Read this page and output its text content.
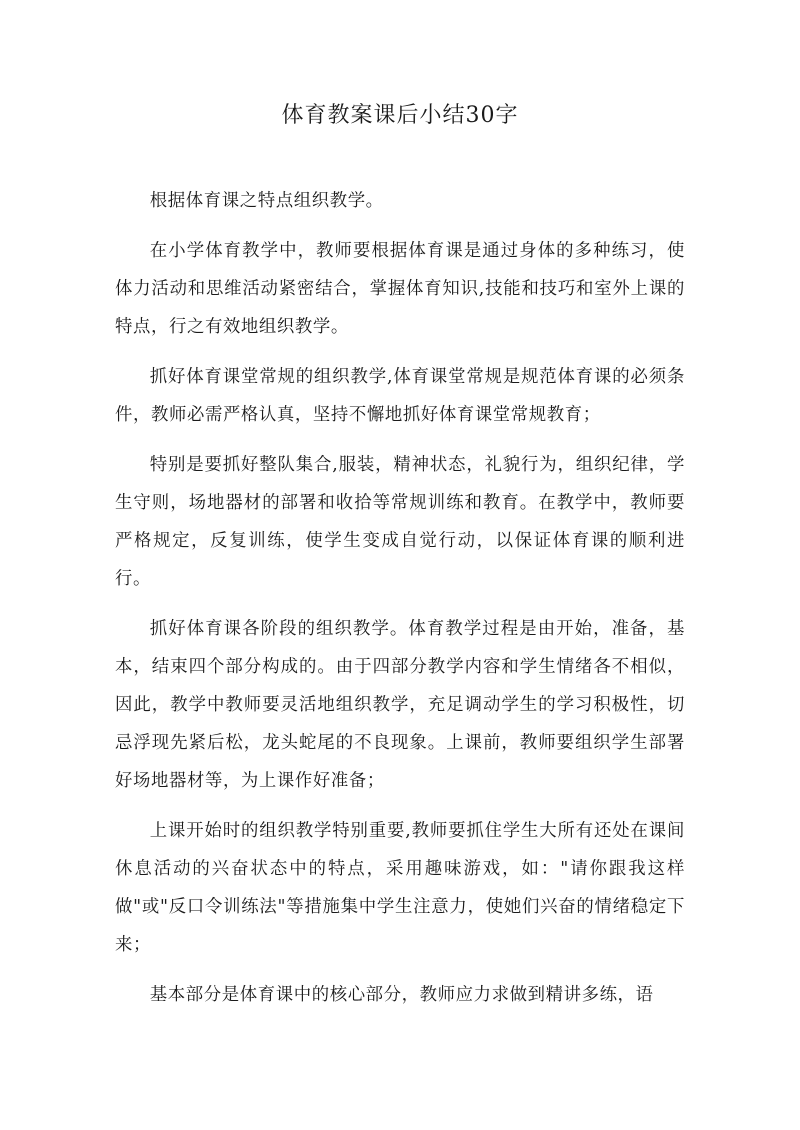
体育教案课后小结30字

根据体育课之特点组织教学。

在小学体育教学中，教师要根据体育课是通过身体的多种练习，使体力活动和思维活动紧密结合，掌握体育知识,技能和技巧和室外上课的特点，行之有效地组织教学。

抓好体育课堂常规的组织教学,体育课堂常规是规范体育课的必须条件，教师必需严格认真，坚持不懈地抓好体育课堂常规教育；

特别是要抓好整队集合,服装，精神状态，礼貌行为，组织纪律，学生守则，场地器材的部署和收拾等常规训练和教育。在教学中，教师要严格规定，反复训练，使学生变成自觉行动，以保证体育课的顺利进行。

抓好体育课各阶段的组织教学。体育教学过程是由开始，准备，基本，结束四个部分构成的。由于四部分教学内容和学生情绪各不相似，因此，教学中教师要灵活地组织教学，充足调动学生的学习积极性，切忌浮现先紧后松，龙头蛇尾的不良现象。上课前，教师要组织学生部署好场地器材等，为上课作好准备；

上课开始时的组织教学特别重要,教师要抓住学生大所有还处在课间休息活动的兴奋状态中的特点，采用趣味游戏，如："请你跟我这样做"或"反口令训练法"等措施集中学生注意力，使她们兴奋的情绪稳定下来；

基本部分是体育课中的核心部分，教师应力求做到精讲多练，语
